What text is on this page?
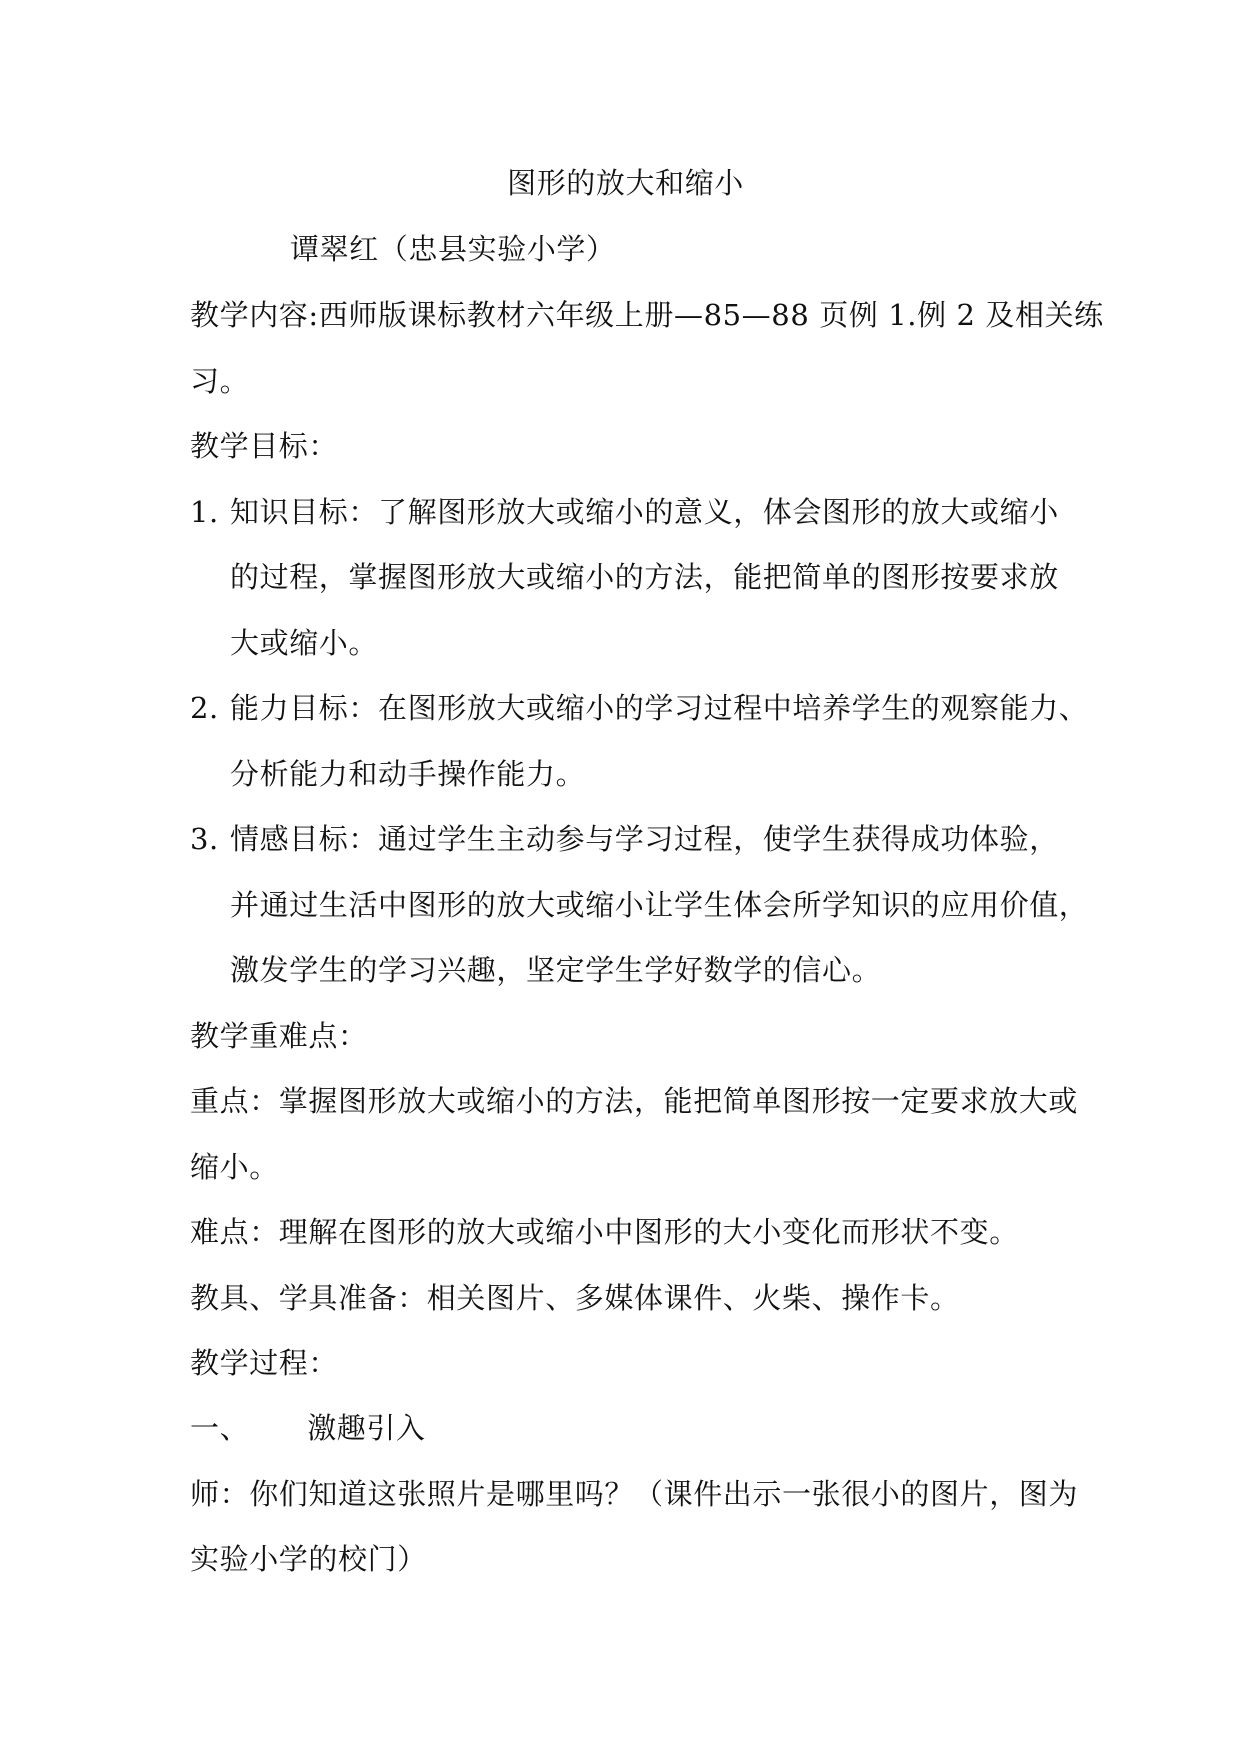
图形的放大和缩小
谭翠红（忠县实验小学）
教学内容:西师版课标教材六年级上册—85—88 页例 1.例 2 及相关练
习。
教学目标：
1. 知识目标：了解图形放大或缩小的意义，体会图形的放大或缩小
的过程，掌握图形放大或缩小的方法，能把简单的图形按要求放
大或缩小。
2. 能力目标：在图形放大或缩小的学习过程中培养学生的观察能力、
分析能力和动手操作能力。
3. 情感目标：通过学生主动参与学习过程，使学生获得成功体验，
并通过生活中图形的放大或缩小让学生体会所学知识的应用价值，
激发学生的学习兴趣，坚定学生学好数学的信心。
教学重难点：
重点：掌握图形放大或缩小的方法，能把简单图形按一定要求放大或
缩小。
难点：理解在图形的放大或缩小中图形的大小变化而形状不变。
教具、学具准备：相关图片、多媒体课件、火柴、操作卡。
教学过程：
一、 激趣引入
师：你们知道这张照片是哪里吗？（课件出示一张很小的图片，图为
实验小学的校门）
